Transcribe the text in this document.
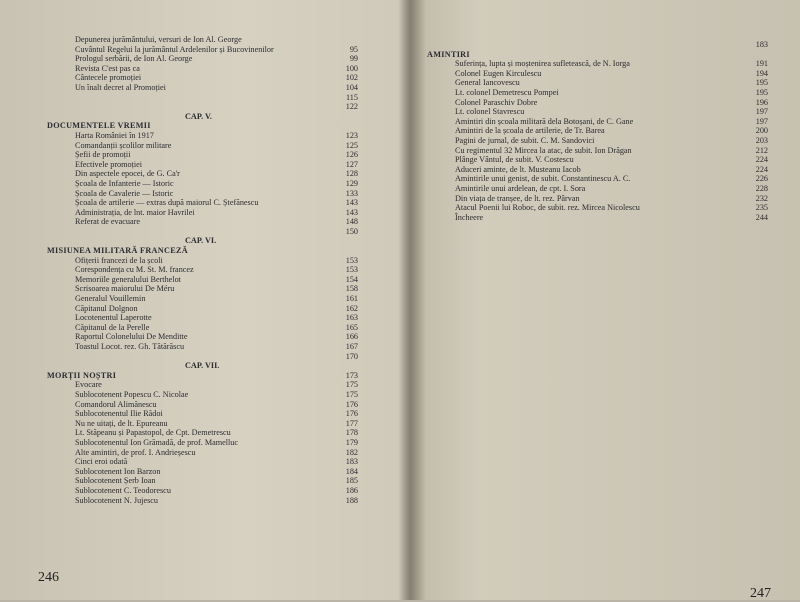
Depunerea jurământului, versuri de Ion Al. George
Cuvântul Regelui la jurământul Ardelenilor și Bucovinenilor	95
Prologul serbării, de Ion Al. George	99
Revista C'est pas ca	100
Cântecele promoției	102
Un înalt decret al Promoției	104
115
122
CAP. V.
DOCUMENTELE VREMII
Harta României în 1917	123
Comandanții școlilor militare	125
Șefii de promoții	126
Efectivele promoției	127
Din aspectele epocei, de G. Ca'r	128
Școala de Infanterie — Istoric	129
Școala de Cavalerie — Istoric	133
Școala de artilerie — extras după maiorul C. Ștefănescu	143
Administrația, de lnt. maior Havrilei	143
Referat de evacuare	148
150
CAP. VI.
MISIUNEA MILITARĂ FRANCEZĂ
Ofițerii francezi de la școli	153
Corespondența cu M. St. M. francez	153
Memoriile generalului Berthelot	154
Scrisoarea maiorului De Méru	158
Generalul Vouillemin	161
Căpitanul Dolgnon	162
Locotenentul Laperotte	163
Căpitanul de la Perelle	165
Raportul Colonelului De Menditte	166
Toastul Locot. rez. Gh. Tătărăscu	167
170
CAP. VII.
MORȚII NOȘTRI	173
Evocare	175
Sublocotenent Popescu C. Nicolae	175
Comandorul Alimănescu	176
Sublocotenentul Ilie Rădoi	176
Nu ne uitați, de lt. Epureanu	177
Lt. Stăpeanu și Papastopol, de Cpt. Demetrescu	178
Sublocotenentul Ion Grămadă, de prof. Mamelluc	179
Alte amintiri, de prof. I. Andrieșescu	182
Cinci eroi odată	183
Sublocotenent Ion Barzon	184
Sublocotenent Șerb Ioan	185
Sublocotenent C. Teodorescu	186
Sublocotenent N. Jujescu	188
246
183
AMINTIRI
Suferința, lupta și moștenirea sufletească, de N. Iorga	191
Colonel Eugen Kirculescu	194
General Iancovescu	195
Lt. colonel Demetrescu Pompei	195
Colonel Paraschiv Dobre	196
Lt. colonel Stavrescu	197
Amintiri din școala militară dela Botoșani, de C. Gane	197
Amintiri de la școala de artilerie, de Tr. Barea	200
Pagini de jurnal, de subit. C. M. Sandovici	203
Cu regimentul 32 Mircea la atac, de subit. Ion Drăgan	212
Plânge Vântul, de subit. V. Costescu	224
Aduceri aminte, de lt. Musteanu Iacob	224
Amintirile unui genist, de subit. Constantinescu A. C.	226
Amintirile unui ardelean, de cpt. I. Sora	228
Din viața de tranșee, de lt. rez. Pârvan	232
Atacul Poenii lui Roboc, de subit. rez. Mircea Nicolescu	235
Încheere	244
247
